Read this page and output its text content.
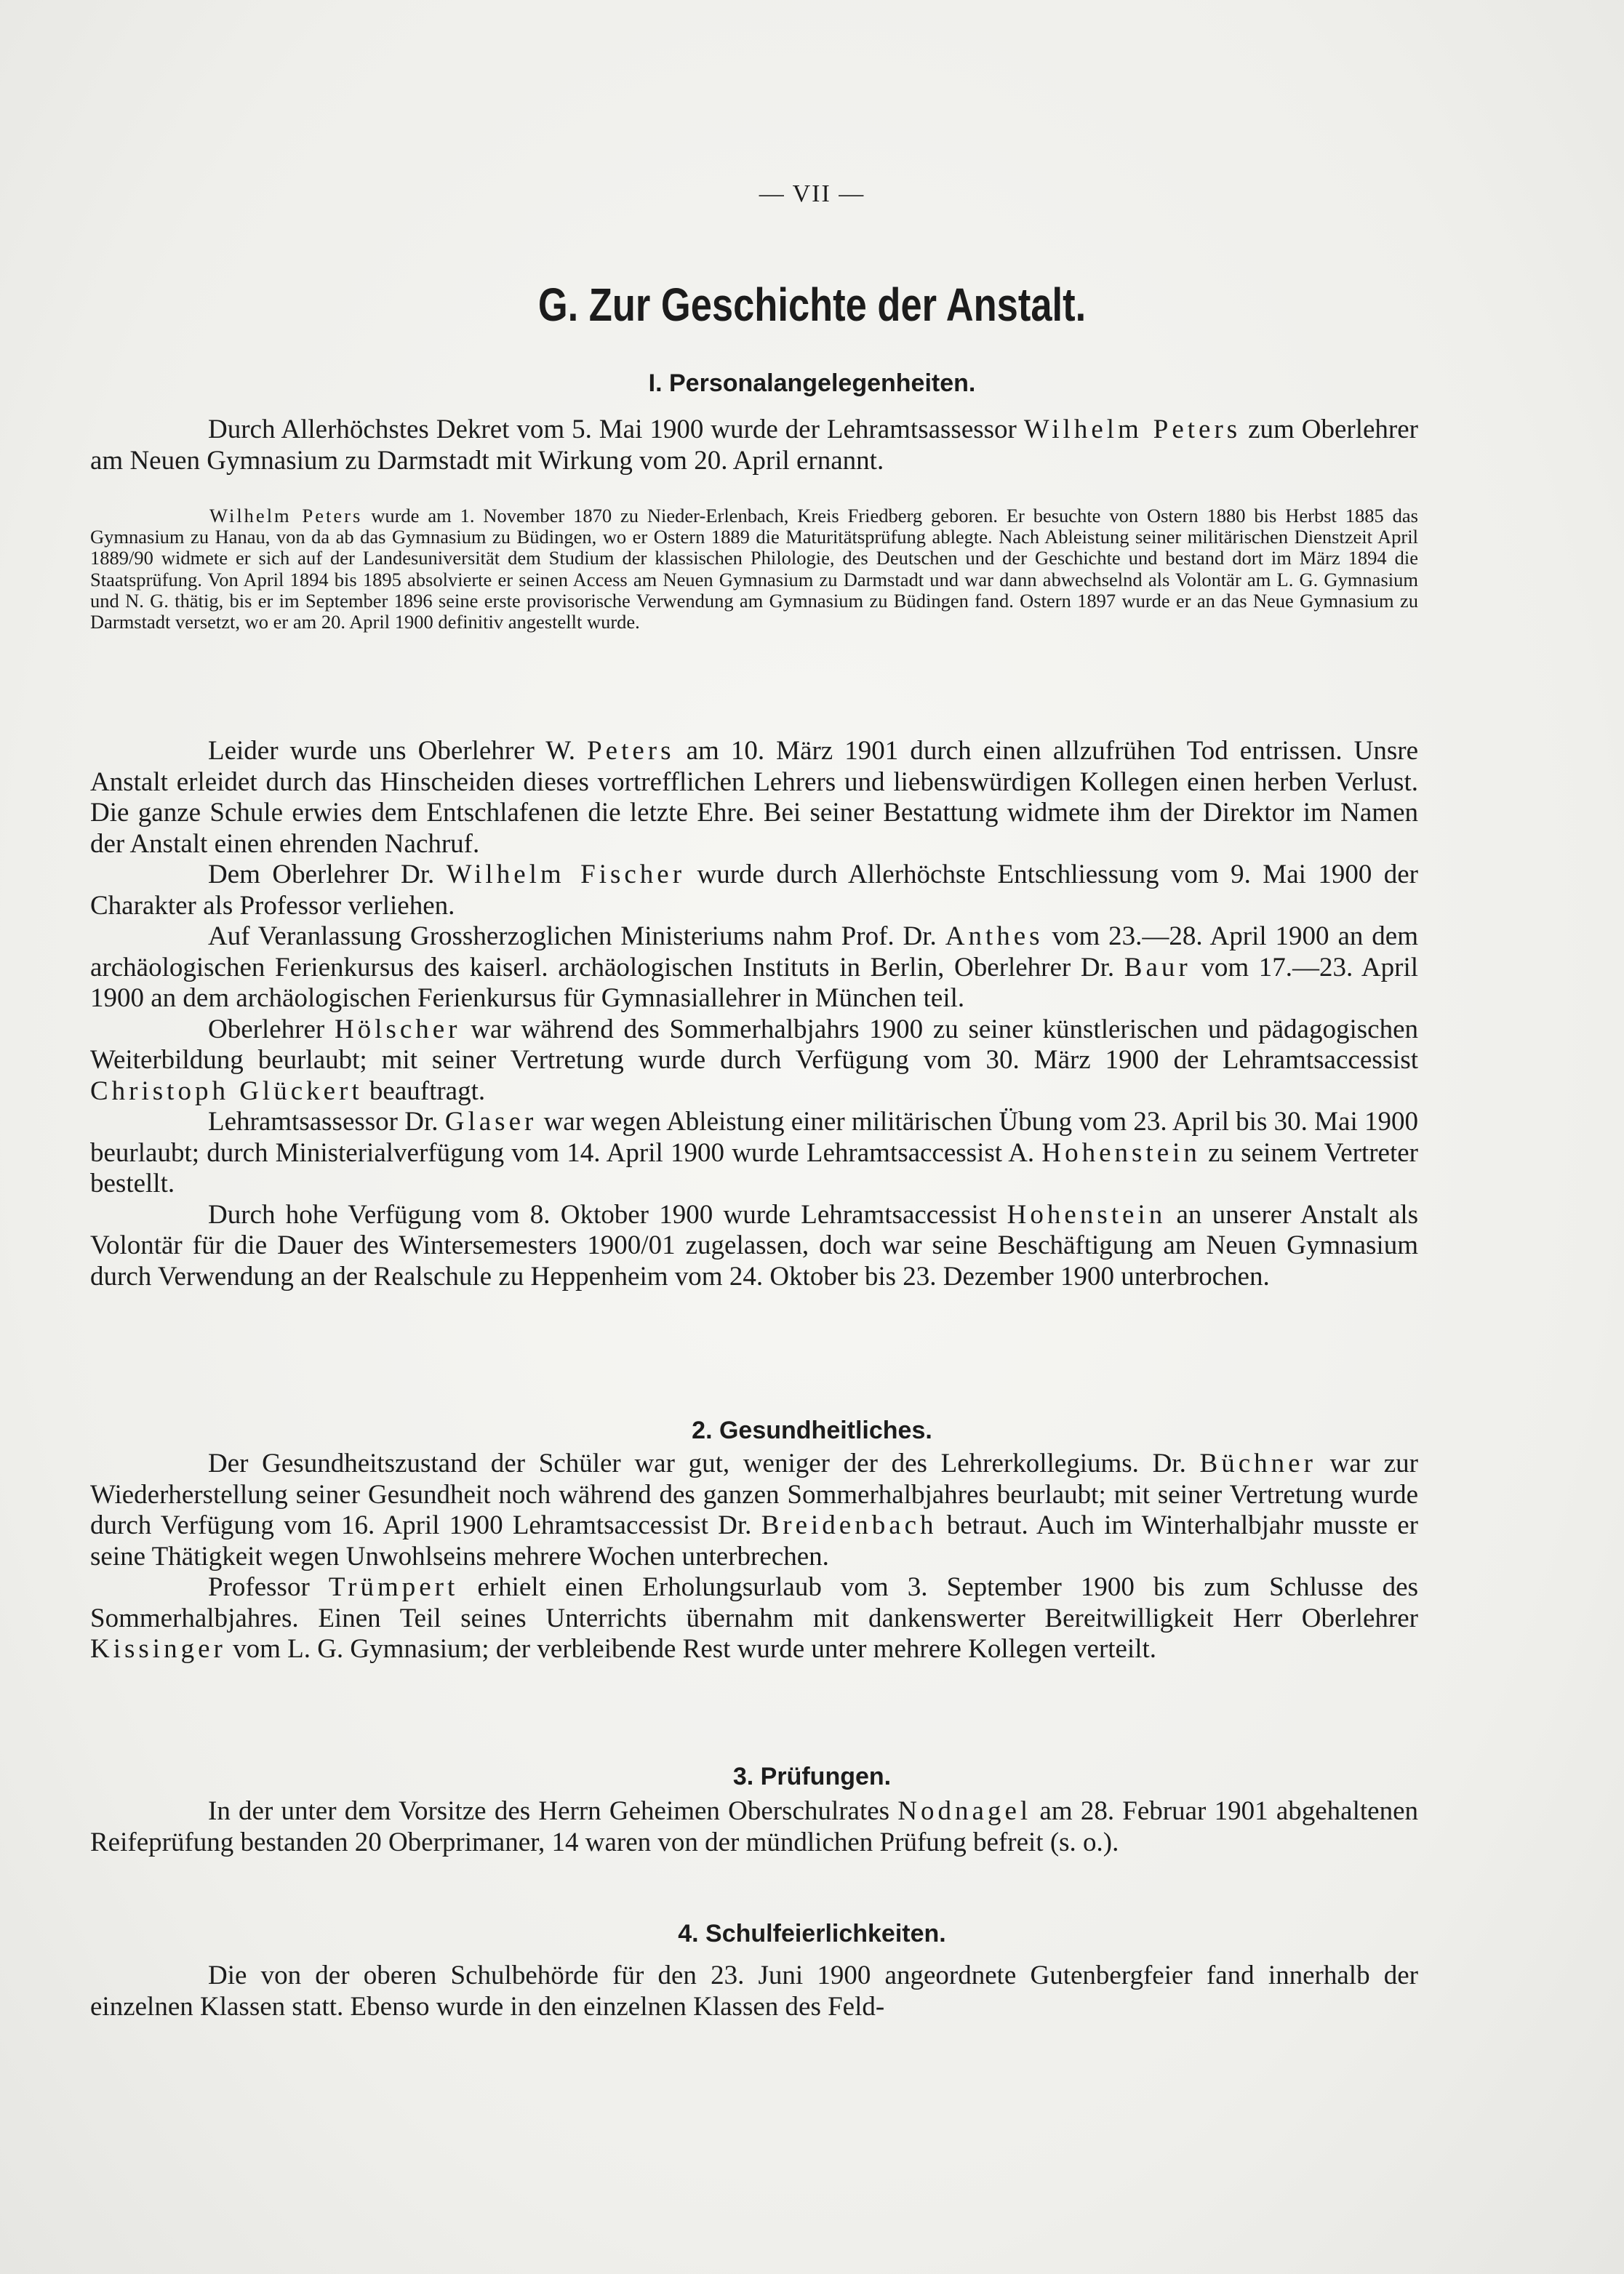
— VII —
G. Zur Geschichte der Anstalt.
I. Personalangelegenheiten.

Durch Allerhöchstes Dekret vom 5. Mai 1900 wurde der Lehramtsassessor Wilhelm Peters zum Oberlehrer am Neuen Gymnasium zu Darmstadt mit Wirkung vom 20. April ernannt.

Wilhelm Peters wurde am 1. November 1870 zu Nieder-Erlenbach, Kreis Friedberg geboren. Er besuchte von Ostern 1880 bis Herbst 1885 das Gymnasium zu Hanau, von da ab das Gymnasium zu Büdingen, wo er Ostern 1889 die Maturitätsprüfung ablegte. Nach Ableistung seiner militärischen Dienstzeit April 1889/90 widmete er sich auf der Landesuniversität dem Studium der klassischen Philologie, des Deutschen und der Geschichte und bestand dort im März 1894 die Staatsprüfung. Von April 1894 bis 1895 absolvierte er seinen Access am Neuen Gymnasium zu Darmstadt und war dann abwechselnd als Volontär am L. G. Gymnasium und N. G. thätig, bis er im September 1896 seine erste provisorische Verwendung am Gymnasium zu Büdingen fand. Ostern 1897 wurde er an das Neue Gymnasium zu Darmstadt versetzt, wo er am 20. April 1900 definitiv angestellt wurde.

Leider wurde uns Oberlehrer W. Peters am 10. März 1901 durch einen allzufrühen Tod entrissen. Unsre Anstalt erleidet durch das Hinscheiden dieses vortrefflichen Lehrers und liebenswürdigen Kollegen einen herben Verlust. Die ganze Schule erwies dem Entschlafenen die letzte Ehre. Bei seiner Bestattung widmete ihm der Direktor im Namen der Anstalt einen ehrenden Nachruf.

Dem Oberlehrer Dr. Wilhelm Fischer wurde durch Allerhöchste Entschliessung vom 9. Mai 1900 der Charakter als Professor verliehen.

Auf Veranlassung Grossherzoglichen Ministeriums nahm Prof. Dr. Anthes vom 23.—28. April 1900 an dem archäologischen Ferienkursus des kaiserl. archäologischen Instituts in Berlin, Oberlehrer Dr. Baur vom 17.—23. April 1900 an dem archäologischen Ferienkursus für Gymnasiallehrer in München teil.

Oberlehrer Hölscher war während des Sommerhalbjahrs 1900 zu seiner künstlerischen und pädagogischen Weiterbildung beurlaubt; mit seiner Vertretung wurde durch Verfügung vom 30. März 1900 der Lehramtsaccessist Christoph Glückert beauftragt.

Lehramtsassessor Dr. Glaser war wegen Ableistung einer militärischen Übung vom 23. April bis 30. Mai 1900 beurlaubt; durch Ministerialverfügung vom 14. April 1900 wurde Lehramtsaccessist A. Hohenstein zu seinem Vertreter bestellt.

Durch hohe Verfügung vom 8. Oktober 1900 wurde Lehramtsaccessist Hohenstein an unserer Anstalt als Volontär für die Dauer des Wintersemesters 1900/01 zugelassen, doch war seine Beschäftigung am Neuen Gymnasium durch Verwendung an der Realschule zu Heppenheim vom 24. Oktober bis 23. Dezember 1900 unterbrochen.

2. Gesundheitliches.

Der Gesundheitszustand der Schüler war gut, weniger der des Lehrerkollegiums. Dr. Büchner war zur Wiederherstellung seiner Gesundheit noch während des ganzen Sommerhalbjahres beurlaubt; mit seiner Vertretung wurde durch Verfügung vom 16. April 1900 Lehramtsaccessist Dr. Breidenbach betraut. Auch im Winterhalbjahr musste er seine Thätigkeit wegen Unwohlseins mehrere Wochen unterbrechen.

Professor Trümpert erhielt einen Erholungsurlaub vom 3. September 1900 bis zum Schlusse des Sommerhalbjahres. Einen Teil seines Unterrichts übernahm mit dankenswerter Bereitwilligkeit Herr Oberlehrer Kissinger vom L. G. Gymnasium; der verbleibende Rest wurde unter mehrere Kollegen verteilt.

3. Prüfungen.

In der unter dem Vorsitze des Herrn Geheimen Oberschulrates Nodnagel am 28. Februar 1901 abgehaltenen Reifeprüfung bestanden 20 Oberprimaner, 14 waren von der mündlichen Prüfung befreit (s. o.).

4. Schulfeierlichkeiten.

Die von der oberen Schulbehörde für den 23. Juni 1900 angeordnete Gutenbergfeier fand innerhalb der einzelnen Klassen statt. Ebenso wurde in den einzelnen Klassen des Feld-
